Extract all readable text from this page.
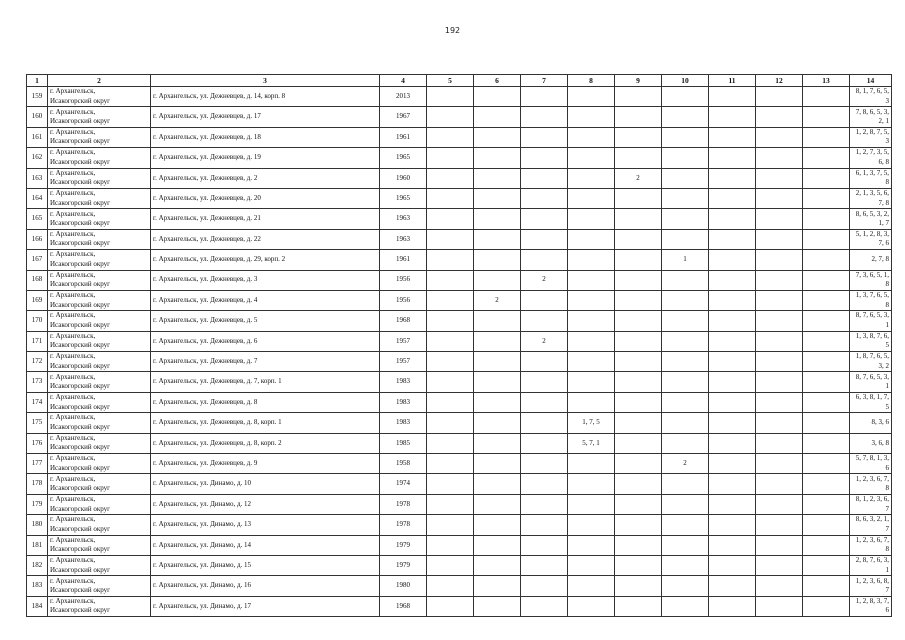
192
1	2	3	4	5	6	7	8	9	10	11	12	13	14
159	г. Архангельск,
Исакогорский округ	г. Архангельск, ул. Дежневцев, д. 14, корп. 8	2013										8, 1, 7, 6, 5, 3
160	г. Архангельск,
Исакогорский округ	г. Архангельск, ул. Дежневцев, д. 17	1967										7, 8, 6, 5, 3, 2, 1
161	г. Архангельск,
Исакогорский округ	г. Архангельск, ул. Дежневцев, д. 18	1961										1, 2, 8, 7, 5, 3
162	г. Архангельск,
Исакогорский округ	г. Архангельск, ул. Дежневцев, д. 19	1965										1, 2, 7, 3, 5, 6, 8
163	г. Архангельск,
Исакогорский округ	г. Архангельск, ул. Дежневцев, д. 2	1960					2					6, 1, 3, 7, 5, 8
164	г. Архангельск,
Исакогорский округ	г. Архангельск, ул. Дежневцев, д. 20	1965										2, 1, 3, 5, 6, 7, 8
165	г. Архангельск,
Исакогорский округ	г. Архангельск, ул. Дежневцев, д. 21	1963										8, 6, 5, 3, 2, 1, 7
166	г. Архангельск,
Исакогорский округ	г. Архангельск, ул. Дежневцев, д. 22	1963										5, 1, 2, 8, 3, 7, 6
167	г. Архангельск,
Исакогорский округ	г. Архангельск, ул. Дежневцев, д. 29, корп. 2	1961						1				2, 7, 8
168	г. Архангельск,
Исакогорский округ	г. Архангельск, ул. Дежневцев, д. 3	1956			2							7, 3, 6, 5, 1, 8
169	г. Архангельск,
Исакогорский округ	г. Архангельск, ул. Дежневцев, д. 4	1956		2								1, 3, 7, 6, 5, 8
170	г. Архангельск,
Исакогорский округ	г. Архангельск, ул. Дежневцев, д. 5	1968										8, 7, 6, 5, 3, 1
171	г. Архангельск,
Исакогорский округ	г. Архангельск, ул. Дежневцев, д. 6	1957			2							1, 3, 8, 7, 6, 5
172	г. Архангельск,
Исакогорский округ	г. Архангельск, ул. Дежневцев, д. 7	1957										1, 8, 7, 6, 5, 3, 2
173	г. Архангельск,
Исакогорский округ	г. Архангельск, ул. Дежневцев, д. 7, корп. 1	1983										8, 7, 6, 5, 3, 1
174	г. Архангельск,
Исакогорский округ	г. Архангельск, ул. Дежневцев, д. 8	1983										6, 3, 8, 1, 7, 5
175	г. Архангельск,
Исакогорский округ	г. Архангельск, ул. Дежневцев, д. 8, корп. 1	1983				1, 7, 5						8, 3, 6
176	г. Архангельск,
Исакогорский округ	г. Архангельск, ул. Дежневцев, д. 8, корп. 2	1985				5, 7, 1						3, 6, 8
177	г. Архангельск,
Исакогорский округ	г. Архангельск, ул. Дежневцев, д. 9	1958						2				5, 7, 8, 1, 3, 6
178	г. Архангельск,
Исакогорский округ	г. Архангельск, ул. Динамо, д. 10	1974										1, 2, 3, 6, 7, 8
179	г. Архангельск,
Исакогорский округ	г. Архангельск, ул. Динамо, д. 12	1978										8, 1, 2, 3, 6, 7
180	г. Архангельск,
Исакогорский округ	г. Архангельск, ул. Динамо, д. 13	1978										8, 6, 3, 2, 1, 7
181	г. Архангельск,
Исакогорский округ	г. Архангельск, ул. Динамо, д. 14	1979										1, 2, 3, 6, 7, 8
182	г. Архангельск,
Исакогорский округ	г. Архангельск, ул. Динамо, д. 15	1979										2, 8, 7, 6, 3, 1
183	г. Архангельск,
Исакогорский округ	г. Архангельск, ул. Динамо, д. 16	1980										1, 2, 3, 6, 8, 7
184	г. Архангельск,
Исакогорский округ	г. Архангельск, ул. Динамо, д. 17	1968										1, 2, 8, 3, 7, 6
